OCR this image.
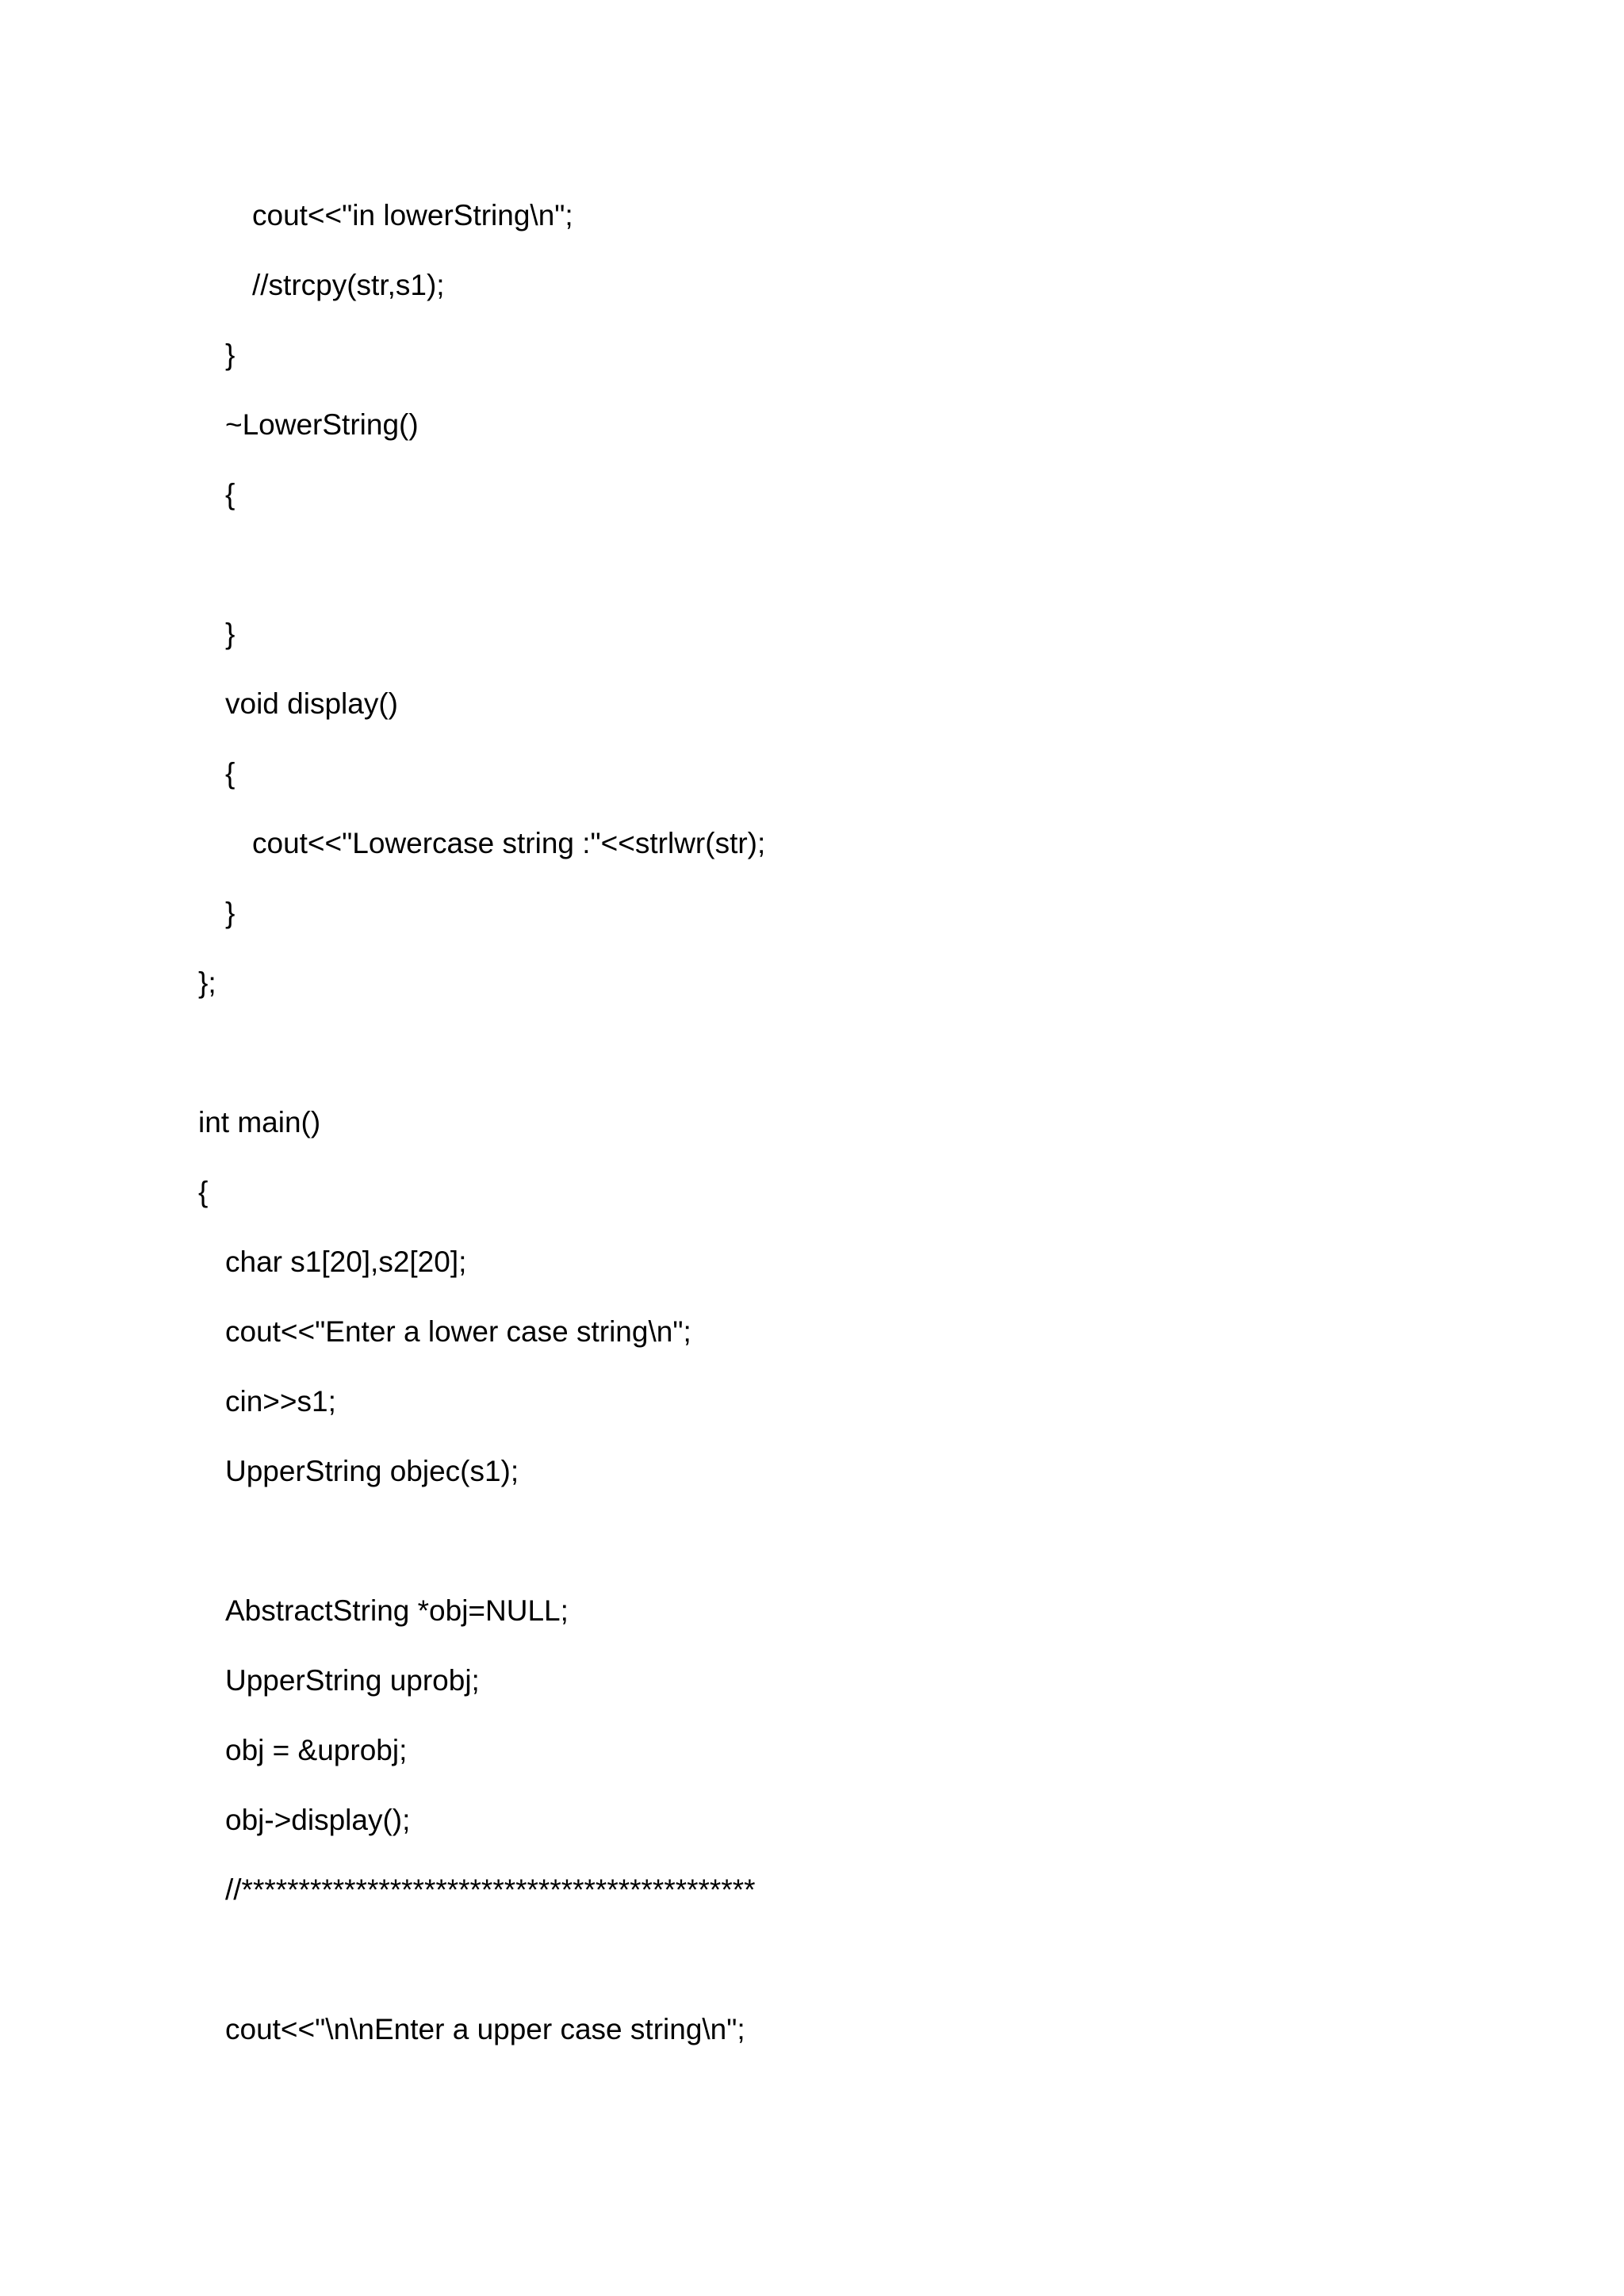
cout<<"in lowerString\n";
//strcpy(str,s1);
}
~LowerString()
{
}
void display()
{
cout<<"Lowercase string :"<<strlwr(str);
}
};
int main()
{
char s1[20],s2[20];
cout<<"Enter a lower case string\n";
cin>>s1;
UpperString objec(s1);
AbstractString *obj=NULL;
UpperString uprobj;
obj = &uprobj;
obj->display();
//*********************************************
cout<<"\n\nEnter a upper case string\n";
